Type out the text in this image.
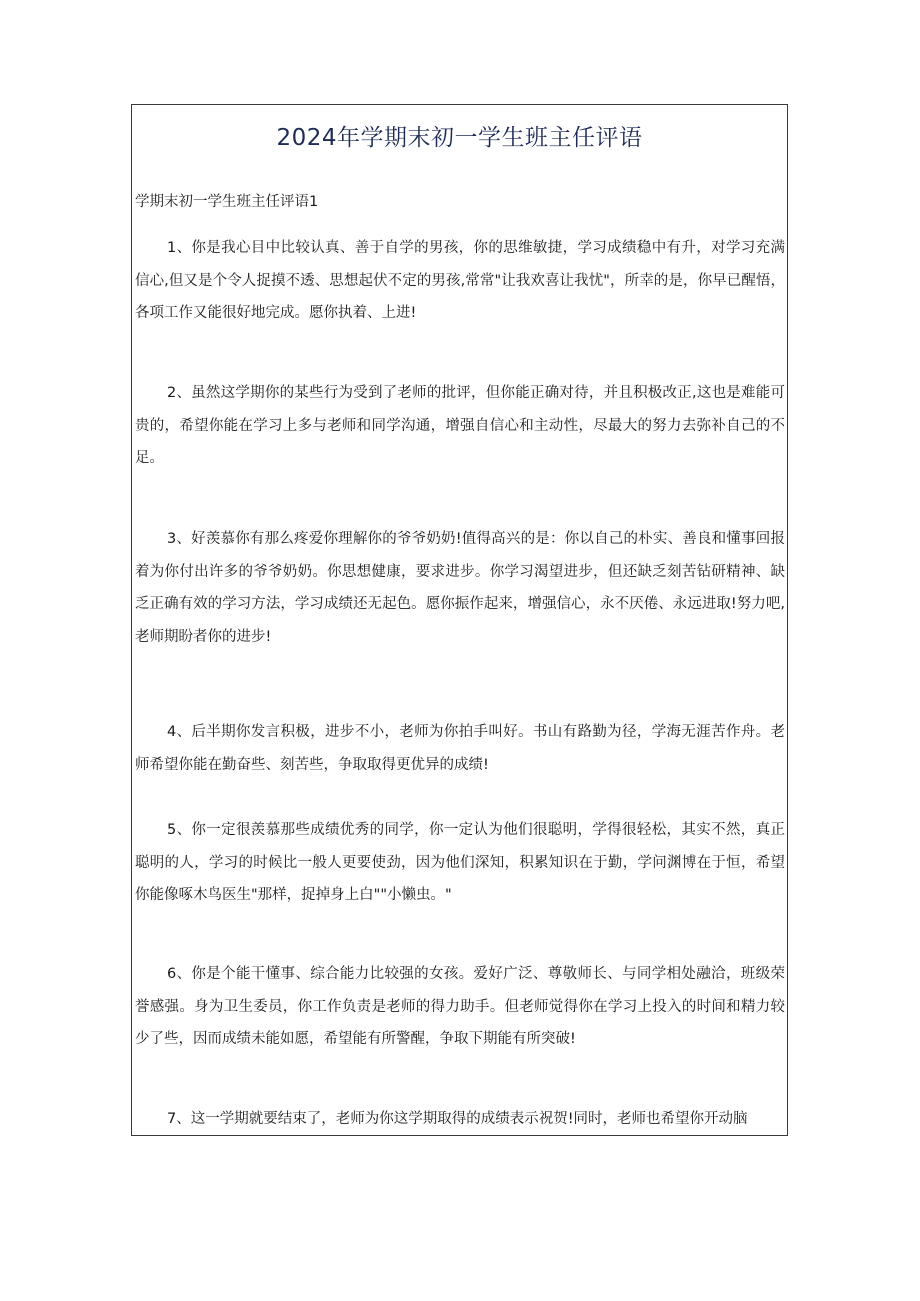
2024年学期末初一学生班主任评语

学期末初一学生班主任评语1

1、你是我心目中比较认真、善于自学的男孩，你的思维敏捷，学习成绩稳中有升，对学习充满信心,但又是个令人捉摸不透、思想起伏不定的男孩,常常"让我欢喜让我忧"，所幸的是，你早已醒悟，各项工作又能很好地完成。愿你执着、上进!

2、虽然这学期你的某些行为受到了老师的批评，但你能正确对待，并且积极改正,这也是难能可贵的，希望你能在学习上多与老师和同学沟通，增强自信心和主动性，尽最大的努力去弥补自己的不足。

3、好羡慕你有那么疼爱你理解你的爷爷奶奶!值得高兴的是：你以自己的朴实、善良和懂事回报着为你付出许多的爷爷奶奶。你思想健康，要求进步。你学习渴望进步，但还缺乏刻苦钻研精神、缺乏正确有效的学习方法，学习成绩还无起色。愿你振作起来，增强信心，永不厌倦、永远进取!努力吧,老师期盼者你的进步!

4、后半期你发言积极，进步不小，老师为你拍手叫好。书山有路勤为径，学海无涯苦作舟。老师希望你能在勤奋些、刻苦些，争取取得更优异的成绩!

5、你一定很羡慕那些成绩优秀的同学，你一定认为他们很聪明，学得很轻松，其实不然，真正聪明的人，学习的时候比一般人更要使劲，因为他们深知，积累知识在于勤，学问渊博在于恒，希望你能像啄木鸟医生"那样，捉掉身上白""小懒虫。"

6、你是个能干懂事、综合能力比较强的女孩。爱好广泛、尊敬师长、与同学相处融洽，班级荣誉感强。身为卫生委员，你工作负责是老师的得力助手。但老师觉得你在学习上投入的时间和精力较少了些，因而成绩未能如愿，希望能有所警醒，争取下期能有所突破!

7、这一学期就要结束了，老师为你这学期取得的成绩表示祝贺!同时，老师也希望你开动脑
